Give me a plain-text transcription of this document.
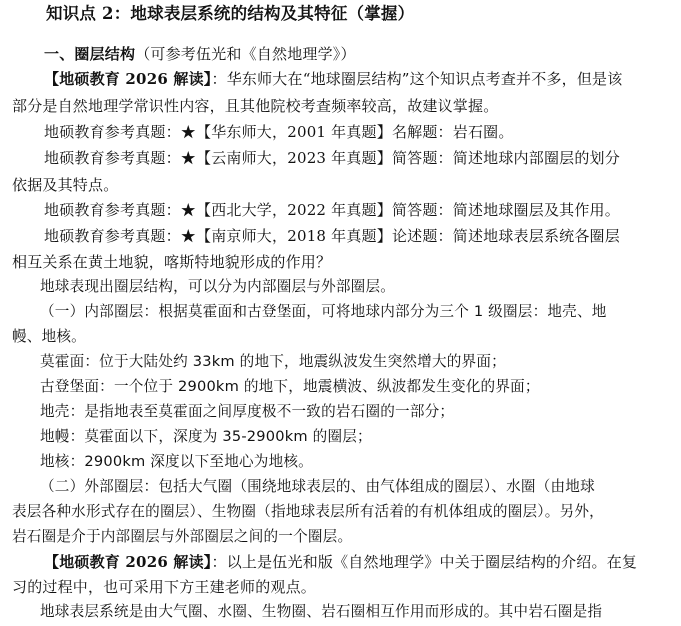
知识点 2：地球表层系统的结构及其特征（掌握）
一、圈层结构（可参考伍光和《自然地理学》）
【地硕教育 2026 解读】：华东师大在“地球圈层结构”这个知识点考查并不多，但是该
部分是自然地理学常识性内容，且其他院校考查频率较高，故建议掌握。
地硕教育参考真题：★【华东师大，2001 年真题】名解题：岩石圈。
地硕教育参考真题：★【云南师大，2023 年真题】简答题：简述地球内部圈层的划分
依据及其特点。
地硕教育参考真题：★【西北大学，2022 年真题】简答题：简述地球圈层及其作用。
地硕教育参考真题：★【南京师大，2018 年真题】论述题：简述地球表层系统各圈层
相互关系在黄土地貌，喀斯特地貌形成的作用？
地球表现出圈层结构，可以分为内部圈层与外部圈层。
（一）内部圈层：根据莫霍面和古登堡面，可将地球内部分为三个 1 级圈层：地壳、地
幔、地核。
莫霍面：位于大陆处约 33km 的地下，地震纵波发生突然增大的界面；
古登堡面：一个位于 2900km 的地下，地震横波、纵波都发生变化的界面；
地壳：是指地表至莫霍面之间厚度极不一致的岩石圈的一部分；
地幔：莫霍面以下，深度为 35-2900km 的圈层；
地核：2900km 深度以下至地心为地核。
（二）外部圈层：包括大气圈（围绕地球表层的、由气体组成的圈层）、水圈（由地球
表层各种水形式存在的圈层）、生物圈（指地球表层所有活着的有机体组成的圈层）。另外，
岩石圈是介于内部圈层与外部圈层之间的一个圈层。
【地硕教育 2026 解读】：以上是伍光和版《自然地理学》中关于圈层结构的介绍。在复
习的过程中，也可采用下方王建老师的观点。
地球表层系统是由大气圈、水圈、生物圈、岩石圈相互作用而形成的。其中岩石圈是指
